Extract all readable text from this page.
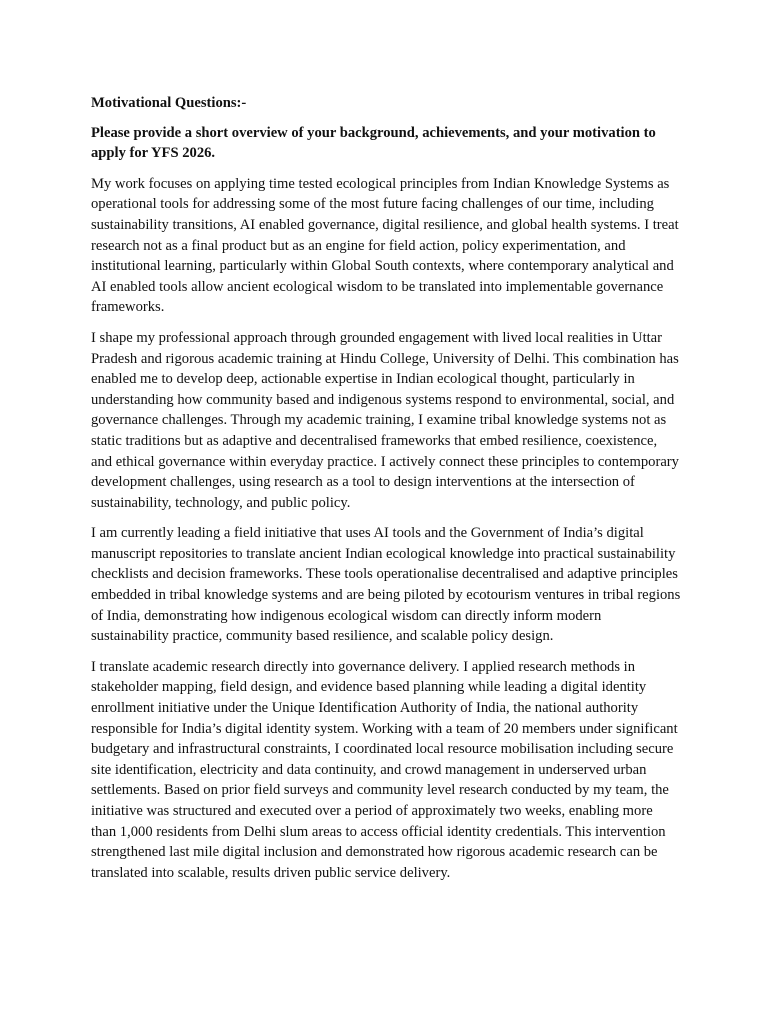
Motivational Questions:-

Please provide a short overview of your background, achievements, and your motivation to apply for YFS 2026.

My work focuses on applying time tested ecological principles from Indian Knowledge Systems as operational tools for addressing some of the most future facing challenges of our time, including sustainability transitions, AI enabled governance, digital resilience, and global health systems. I treat research not as a final product but as an engine for field action, policy experimentation, and institutional learning, particularly within Global South contexts, where contemporary analytical and AI enabled tools allow ancient ecological wisdom to be translated into implementable governance frameworks.

I shape my professional approach through grounded engagement with lived local realities in Uttar Pradesh and rigorous academic training at Hindu College, University of Delhi. This combination has enabled me to develop deep, actionable expertise in Indian ecological thought, particularly in understanding how community based and indigenous systems respond to environmental, social, and governance challenges. Through my academic training, I examine tribal knowledge systems not as static traditions but as adaptive and decentralised frameworks that embed resilience, coexistence, and ethical governance within everyday practice. I actively connect these principles to contemporary development challenges, using research as a tool to design interventions at the intersection of sustainability, technology, and public policy.

I am currently leading a field initiative that uses AI tools and the Government of India’s digital manuscript repositories to translate ancient Indian ecological knowledge into practical sustainability checklists and decision frameworks. These tools operationalise decentralised and adaptive principles embedded in tribal knowledge systems and are being piloted by ecotourism ventures in tribal regions of India, demonstrating how indigenous ecological wisdom can directly inform modern sustainability practice, community based resilience, and scalable policy design.

I translate academic research directly into governance delivery. I applied research methods in stakeholder mapping, field design, and evidence based planning while leading a digital identity enrollment initiative under the Unique Identification Authority of India, the national authority responsible for India’s digital identity system. Working with a team of 20 members under significant budgetary and infrastructural constraints, I coordinated local resource mobilisation including secure site identification, electricity and data continuity, and crowd management in underserved urban settlements. Based on prior field surveys and community level research conducted by my team, the initiative was structured and executed over a period of approximately two weeks, enabling more than 1,000 residents from Delhi slum areas to access official identity credentials. This intervention strengthened last mile digital inclusion and demonstrated how rigorous academic research can be translated into scalable, results driven public service delivery.
